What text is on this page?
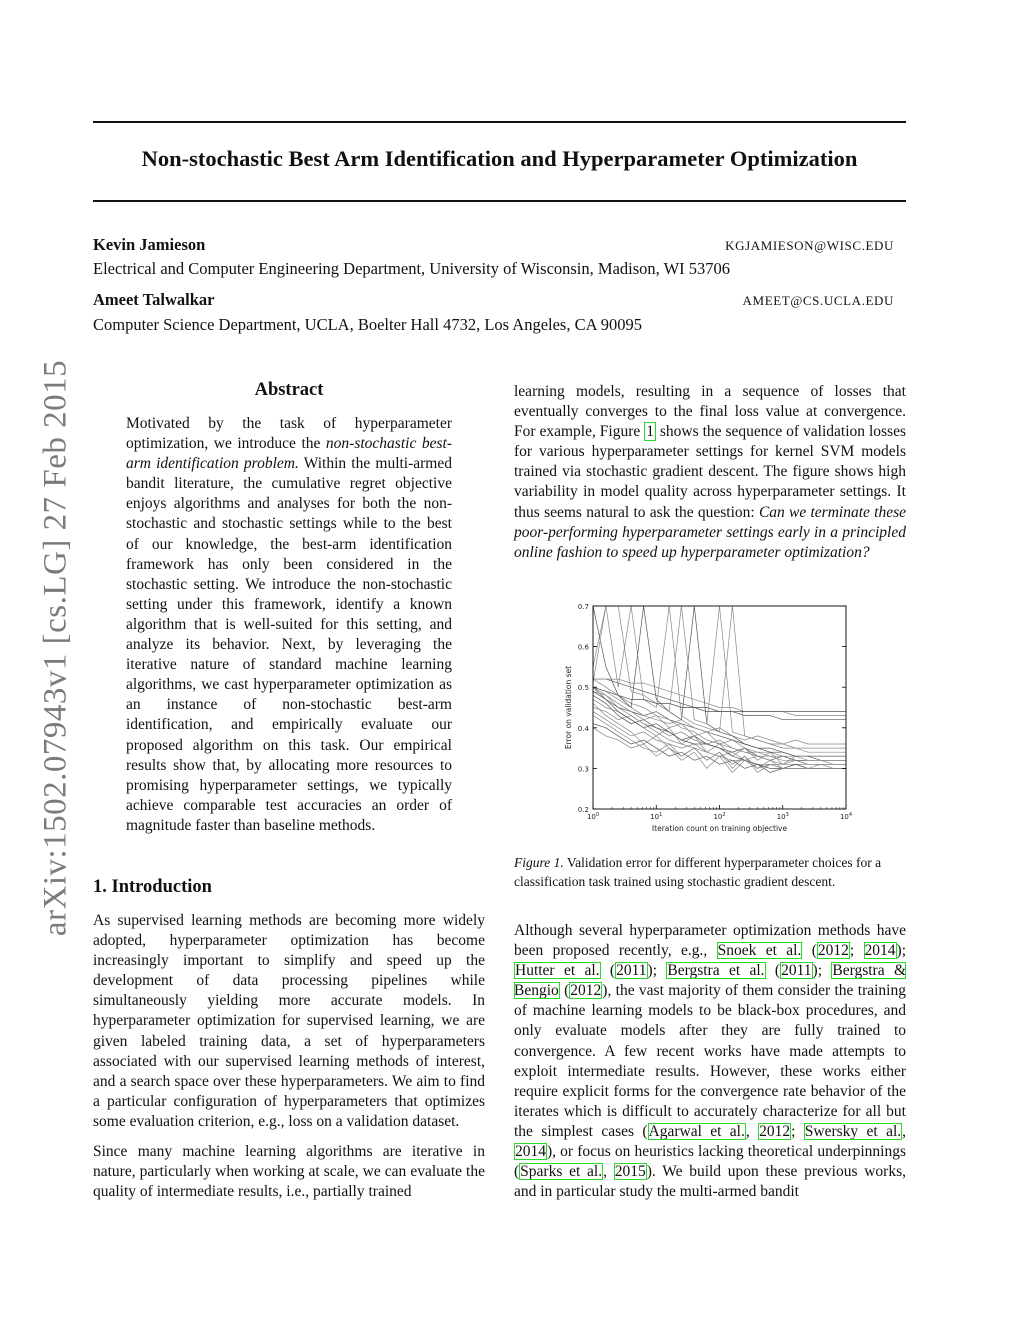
arXiv:1502.07943v1 [cs.LG] 27 Feb 2015
Non-stochastic Best Arm Identification and Hyperparameter Optimization
Kevin Jamieson	KGJAMIESON@WISC.EDU
Electrical and Computer Engineering Department, University of Wisconsin, Madison, WI 53706
Ameet Talwalkar	AMEET@CS.UCLA.EDU
Computer Science Department, UCLA, Boelter Hall 4732, Los Angeles, CA 90095
Abstract
Motivated by the task of hyperparameter optimization, we introduce the non-stochastic best-arm identification problem. Within the multi-armed bandit literature, the cumulative regret objective enjoys algorithms and analyses for both the non-stochastic and stochastic settings while to the best of our knowledge, the best-arm identification framework has only been considered in the stochastic setting. We introduce the non-stochastic setting under this framework, identify a known algorithm that is well-suited for this setting, and analyze its behavior. Next, by leveraging the iterative nature of standard machine learning algorithms, we cast hyperparameter optimization as an instance of non-stochastic best-arm identification, and empirically evaluate our proposed algorithm on this task. Our empirical results show that, by allocating more resources to promising hyperparameter settings, we typically achieve comparable test accuracies an order of magnitude faster than baseline methods.
1. Introduction

As supervised learning methods are becoming more widely adopted, hyperparameter optimization has become increasingly important to simplify and speed up the development of data processing pipelines while simultaneously yielding more accurate models. In hyperparameter optimization for supervised learning, we are given labeled training data, a set of hyperparameters associated with our supervised learning methods of interest, and a search space over these hyperparameters. We aim to find a particular configuration of hyperparameters that optimizes some evaluation criterion, e.g., loss on a validation dataset.

Since many machine learning algorithms are iterative in nature, particularly when working at scale, we can evaluate the quality of intermediate results, i.e., partially trained

learning models, resulting in a sequence of losses that eventually converges to the final loss value at convergence. For example, Figure 1 shows the sequence of validation losses for various hyperparameter settings for kernel SVM models trained via stochastic gradient descent. The figure shows high variability in model quality across hyperparameter settings. It thus seems natural to ask the question: Can we terminate these poor-performing hyperparameter settings early in a principled online fashion to speed up hyperparameter optimization?
0.2
0.3
0.4
0.5
0.6
0.7
$10^0$	$10^1$	$10^2$	$10^3$	$10^4$
Iteration count on training objective
Error on validation set
Figure 1. Validation error for different hyperparameter choices for a classification task trained using stochastic gradient descent.
Although several hyperparameter optimization methods have been proposed recently, e.g., Snoek et al. (2012; 2014); Hutter et al. (2011); Bergstra et al. (2011); Bergstra & Bengio (2012), the vast majority of them consider the training of machine learning models to be black-box procedures, and only evaluate models after they are fully trained to convergence. A few recent works have made attempts to exploit intermediate results. However, these works either require explicit forms for the convergence rate behavior of the iterates which is difficult to accurately characterize for all but the simplest cases (Agarwal et al., 2012; Swersky et al., 2014), or focus on heuristics lacking theoretical underpinnings (Sparks et al., 2015). We build upon these previous works, and in particular study the multi-armed bandit
